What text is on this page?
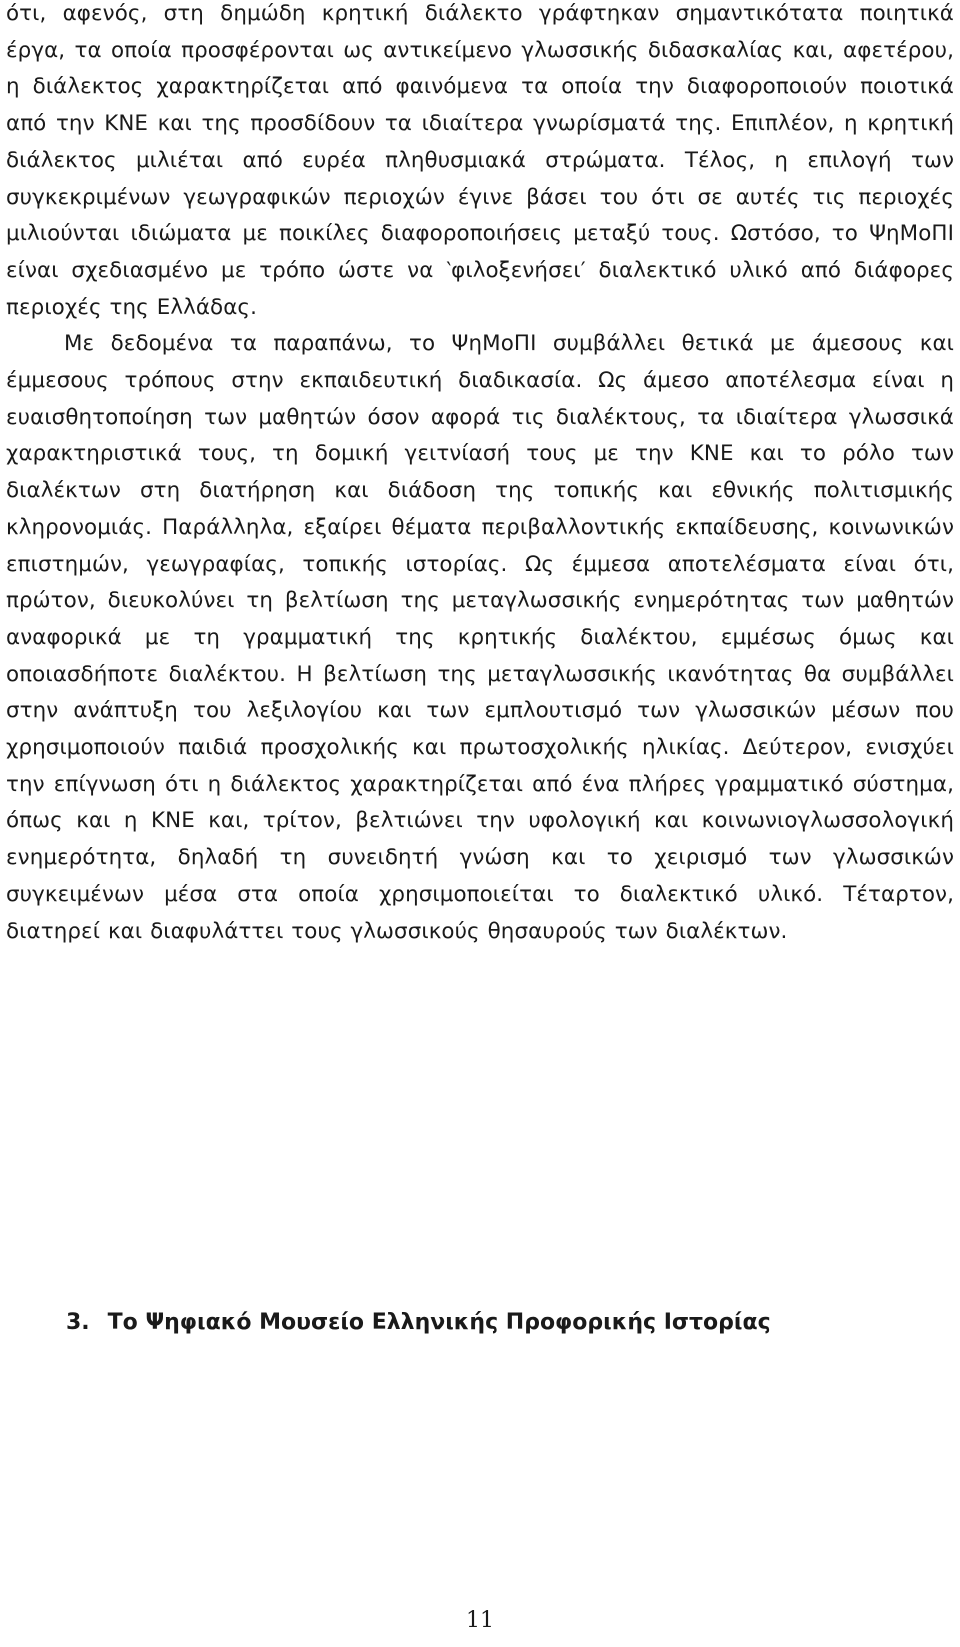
ότι, αφενός, στη δημώδη κρητική διάλεκτο γράφτηκαν σημαντικότατα ποιητικά έργα, τα οποία προσφέρονται ως αντικείμενο γλωσσικής διδασκαλίας και, αφετέρου, η διάλεκτος χαρακτηρίζεται από φαινόμενα τα οποία την διαφοροποιούν ποιοτικά από την ΚΝΕ και της προσδίδουν τα ιδιαίτερα γνωρίσματά της. Επιπλέον, η κρητική διάλεκτος μιλιέται από ευρέα πληθυσμιακά στρώματα. Τέλος, η επιλογή των συγκεκριμένων γεωγραφικών περιοχών έγινε βάσει του ότι σε αυτές τις περιοχές μιλιούνται ιδιώματα με ποικίλες διαφοροποιήσεις μεταξύ τους. Ωστόσο, το ΨηΜοΠΙ είναι σχεδιασμένο με τρόπο ώστε να ‵φιλοξενήσει′ διαλεκτικό υλικό από διάφορες περιοχές της Ελλάδας.

Με δεδομένα τα παραπάνω, το ΨηΜοΠΙ συμβάλλει θετικά με άμεσους και έμμεσους τρόπους στην εκπαιδευτική διαδικασία. Ως άμεσο αποτέλεσμα είναι η ευαισθητοποίηση των μαθητών όσον αφορά τις διαλέκτους, τα ιδιαίτερα γλωσσικά χαρακτηριστικά τους, τη δομική γειτνίασή τους με την ΚΝΕ και το ρόλο των διαλέκτων στη διατήρηση και διάδοση της τοπικής και εθνικής πολιτισμικής κληρονομιάς. Παράλληλα, εξαίρει θέματα περιβαλλοντικής εκπαίδευσης, κοινωνικών επιστημών, γεωγραφίας, τοπικής ιστορίας. Ως έμμεσα αποτελέσματα είναι ότι, πρώτον, διευκολύνει τη βελτίωση της μεταγλωσσικής ενημερότητας των μαθητών αναφορικά με τη γραμματική της κρητικής διαλέκτου, εμμέσως όμως και οποιασδήποτε διαλέκτου. Η βελτίωση της μεταγλωσσικής ικανότητας θα συμβάλλει στην ανάπτυξη του λεξιλογίου και των εμπλουτισμό των γλωσσικών μέσων που χρησιμοποιούν παιδιά προσχολικής και πρωτοσχολικής ηλικίας. Δεύτερον, ενισχύει την επίγνωση ότι η διάλεκτος χαρακτηρίζεται από ένα πλήρες γραμματικό σύστημα, όπως και η ΚΝΕ και, τρίτον, βελτιώνει την υφολογική και κοινωνιογλωσσολογική ενημερότητα, δηλαδή τη συνειδητή γνώση και το χειρισμό των γλωσσικών συγκειμένων μέσα στα οποία χρησιμοποιείται το διαλεκτικό υλικό. Τέταρτον, διατηρεί και διαφυλάττει τους γλωσσικούς θησαυρούς των διαλέκτων.

3. Το Ψηφιακό Μουσείο Ελληνικής Προφορικής Ιστορίας
11
